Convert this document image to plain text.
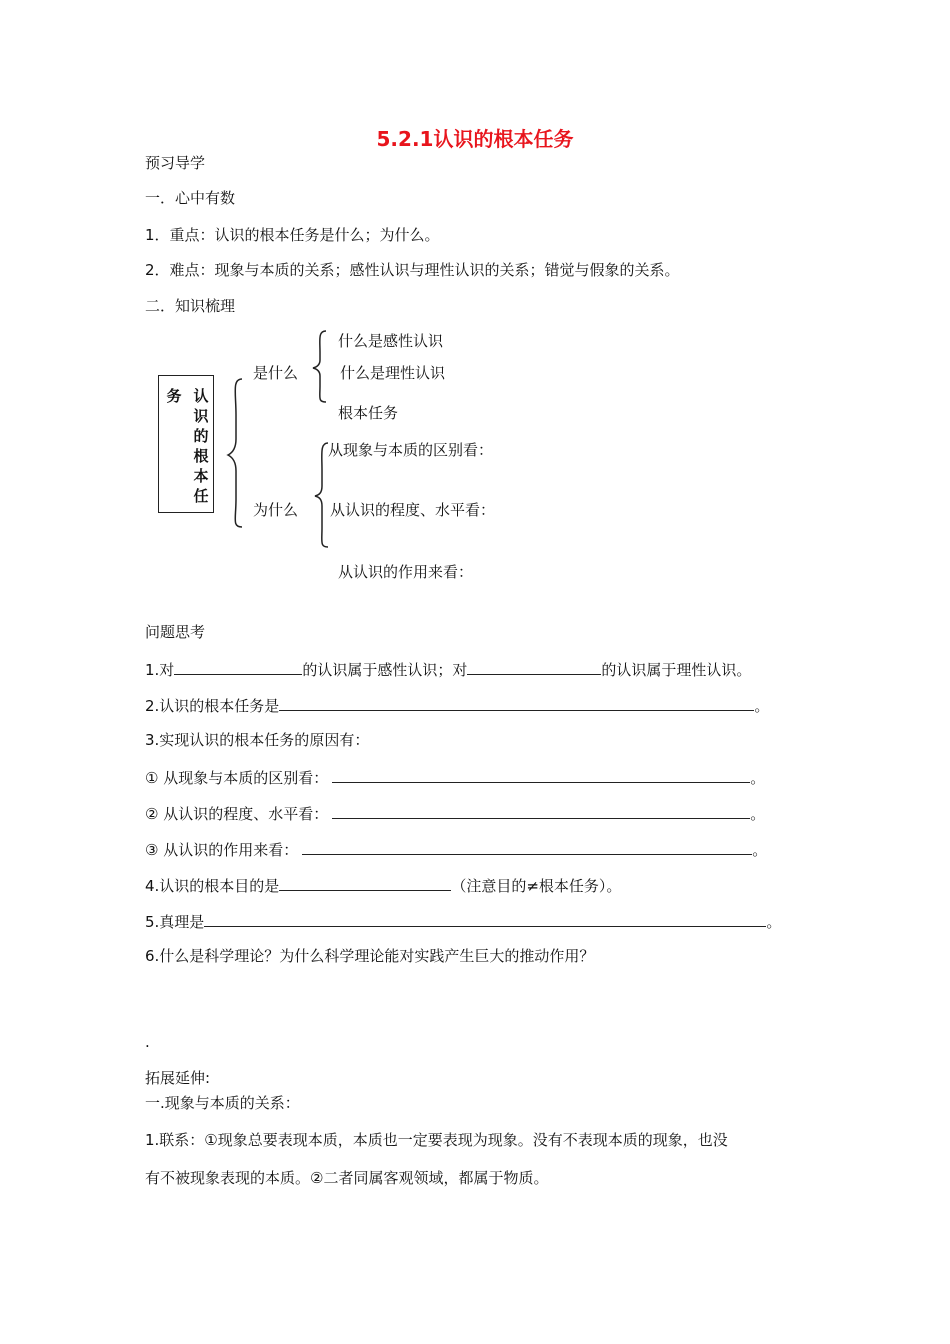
5.2.1认识的根本任务
预习导学
一．心中有数
1．重点：认识的根本任务是什么；为什么。
2．难点：现象与本质的关系；感性认识与理性认识的关系；错觉与假象的关系。
二．知识梳理
务 认识的根本任
是什么
什么是感性认识
什么是理性认识
根本任务
为什么
从现象与本质的区别看：
从认识的程度、水平看：
从认识的作用来看：
问题思考
1.对	的认识属于感性认识；对	的认识属于理性认识。
2.认识的根本任务是	。
3.实现认识的根本任务的原因有：
① 从现象与本质的区别看：	。
② 从认识的程度、水平看：	。
③ 从认识的作用来看：	。
4.认识的根本目的是	（注意目的≠根本任务）。
5.真理是	。
6.什么是科学理论？为什么科学理论能对实践产生巨大的推动作用？
.
拓展延伸:
一.现象与本质的关系：
1.联系：①现象总要表现本质，本质也一定要表现为现象。没有不表现本质的现象，也没
有不被现象表现的本质。②二者同属客观领域，都属于物质。
